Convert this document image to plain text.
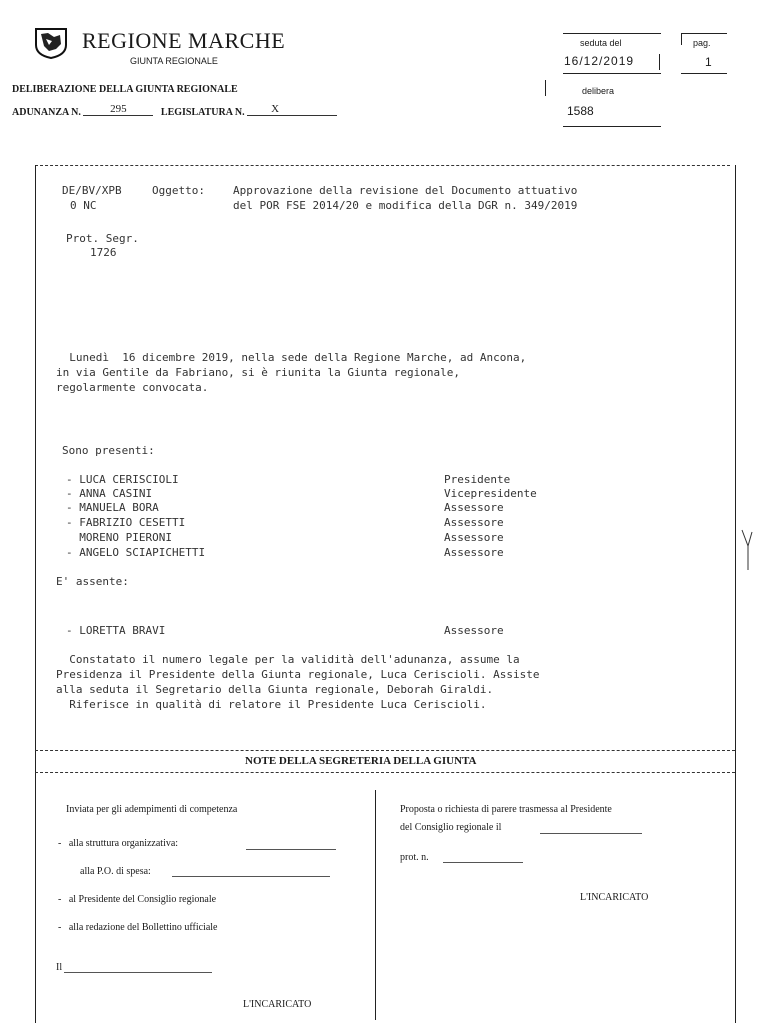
REGIONE MARCHE
GIUNTA REGIONALE
DELIBERAZIONE DELLA GIUNTA REGIONALE
ADUNANZA N.	295	LEGISLATURA N. X
seduta del
16/12/2019
pag.
1
delibera
1588
DE/BV/XPB
0 NC
Oggetto:	Approvazione della revisione del Documento attuativo
del POR FSE 2014/20 e modifica della DGR n. 349/2019
Prot. Segr.
1726
Lunedì  16 dicembre 2019, nella sede della Regione Marche, ad Ancona,
in via Gentile da Fabriano, si è riunita la Giunta regionale,
regolarmente convocata.
Sono presenti:
- LUCA CERISCIOLI	Presidente
- ANNA CASINI	Vicepresidente
- MANUELA BORA	Assessore
- FABRIZIO CESETTI	Assessore
MORENO PIERONI	Assessore
- ANGELO SCIAPICHETTI	Assessore
E' assente:
- LORETTA BRAVI	Assessore
Constatato il numero legale per la validità dell'adunanza, assume la
Presidenza il Presidente della Giunta regionale, Luca Ceriscioli. Assiste
alla seduta il Segretario della Giunta regionale, Deborah Giraldi.
Riferisce in qualità di relatore il Presidente Luca Ceriscioli.
NOTE DELLA SEGRETERIA DELLA GIUNTA
Inviata per gli adempimenti di competenza
-   alla struttura organizzativa:
alla P.O. di spesa:
-   al Presidente del Consiglio regionale
-   alla redazione del Bollettino ufficiale
Il
L'INCARICATO
Proposta o richiesta di parere trasmessa al Presidente
del Consiglio regionale il
prot. n.
L'INCARICATO
